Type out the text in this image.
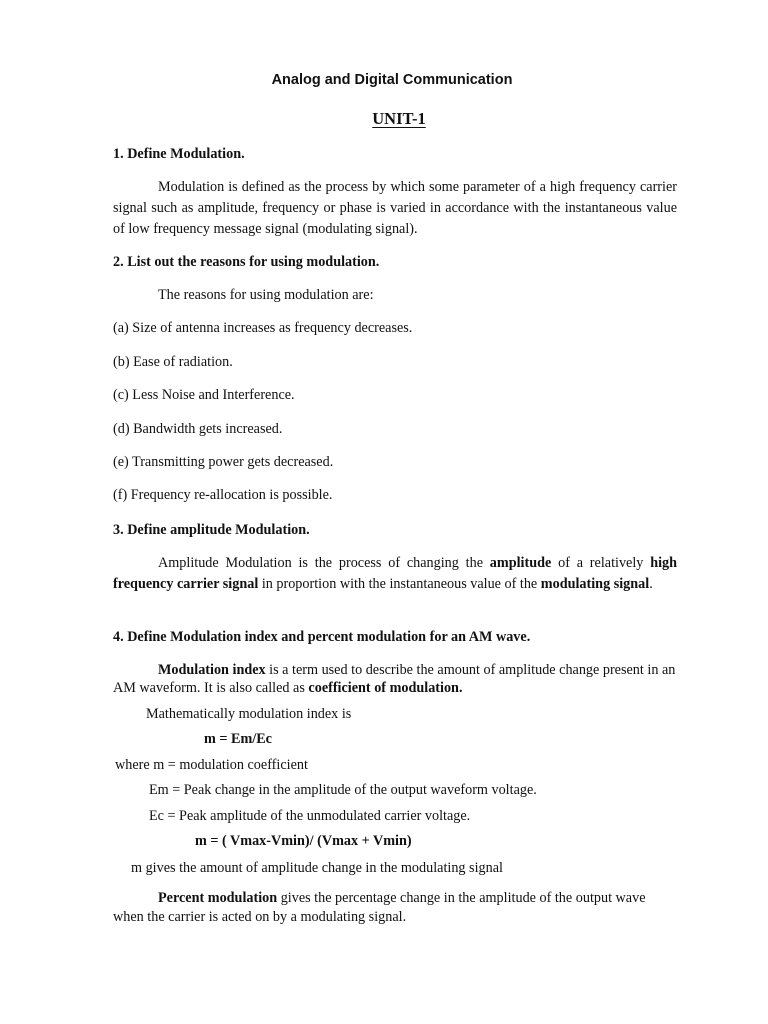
Analog and Digital Communication
UNIT-1

1. Define Modulation.

Modulation is defined as the process by which some parameter of a high frequency carrier signal such as amplitude, frequency or phase is varied in accordance with the instantaneous value of low frequency message signal (modulating signal).

2. List out the reasons for using modulation.

The reasons for using modulation are:

(a) Size of antenna increases as frequency decreases.

(b) Ease of radiation.

(c) Less Noise and Interference.

(d) Bandwidth gets increased.

(e) Transmitting power gets decreased.

(f) Frequency re-allocation is possible.

3. Define amplitude Modulation.

Amplitude Modulation is the process of changing the amplitude of a relatively high frequency carrier signal in proportion with the instantaneous value of the modulating signal.

4. Define Modulation index and percent modulation for an AM wave.

Modulation index is a term used to describe the amount of amplitude change present in an AM waveform. It is also called as coefficient of modulation.

Mathematically modulation index is

m = Em/Ec

where m = modulation coefficient

Em = Peak change in the amplitude of the output waveform voltage.

Ec = Peak amplitude of the unmodulated carrier voltage.

m = ( Vmax-Vmin)/ (Vmax + Vmin)

m gives the amount of amplitude change in the modulating signal

Percent modulation gives the percentage change in the amplitude of the output wave when the carrier is acted on by a modulating signal.
